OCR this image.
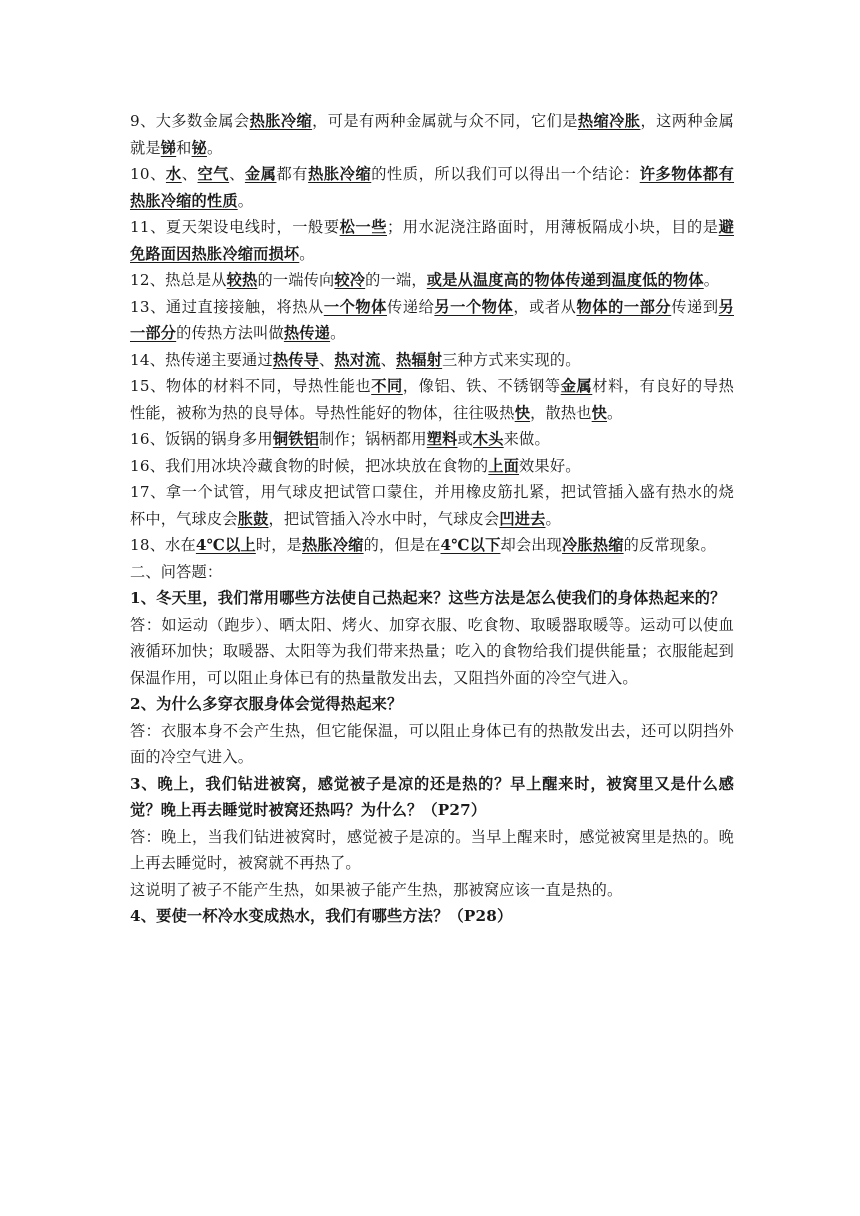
9、大多数金属会热胀冷缩，可是有两种金属就与众不同，它们是热缩冷胀，这两种金属就是锑和铋。

10、水、空气、金属都有热胀冷缩的性质，所以我们可以得出一个结论：许多物体都有热胀冷缩的性质。

11、夏天架设电线时，一般要松一些；用水泥浇注路面时，用薄板隔成小块，目的是避免路面因热胀冷缩而损坏。

12、热总是从较热的一端传向较冷的一端，或是从温度高的物体传递到温度低的物体。

13、通过直接接触，将热从一个物体传递给另一个物体，或者从物体的一部分传递到另一部分的传热方法叫做热传递。

14、热传递主要通过热传导、热对流、热辐射三种方式来实现的。

15、物体的材料不同，导热性能也不同，像铝、铁、不锈钢等金属材料，有良好的导热性能，被称为热的良导体。导热性能好的物体，往往吸热快，散热也快。

16、饭锅的锅身多用铜铁铝制作；锅柄都用塑料或木头来做。

16、我们用冰块冷藏食物的时候，把冰块放在食物的上面效果好。

17、拿一个试管，用气球皮把试管口蒙住，并用橡皮筋扎紧，把试管插入盛有热水的烧杯中，气球皮会胀鼓，把试管插入冷水中时，气球皮会凹进去。

18、水在4℃以上时，是热胀冷缩的，但是在4℃以下却会出现冷胀热缩的反常现象。

二、问答题：

1、冬天里，我们常用哪些方法使自己热起来？这些方法是怎么使我们的身体热起来的？

答：如运动（跑步）、晒太阳、烤火、加穿衣服、吃食物、取暖器取暖等。运动可以使血液循环加快；取暖器、太阳等为我们带来热量；吃入的食物给我们提供能量；衣服能起到保温作用，可以阻止身体已有的热量散发出去，又阻挡外面的冷空气进入。

2、为什么多穿衣服身体会觉得热起来？

答：衣服本身不会产生热，但它能保温，可以阻止身体已有的热散发出去，还可以阴挡外面的冷空气进入。

3、晚上，我们钻进被窝，感觉被子是凉的还是热的？早上醒来时，被窝里又是什么感觉？晚上再去睡觉时被窝还热吗？为什么？（P27）

答：晚上，当我们钻进被窝时，感觉被子是凉的。当早上醒来时，感觉被窝里是热的。晚上再去睡觉时，被窝就不再热了。

这说明了被子不能产生热，如果被子能产生热，那被窝应该一直是热的。

4、要使一杯冷水变成热水，我们有哪些方法？（P28）
